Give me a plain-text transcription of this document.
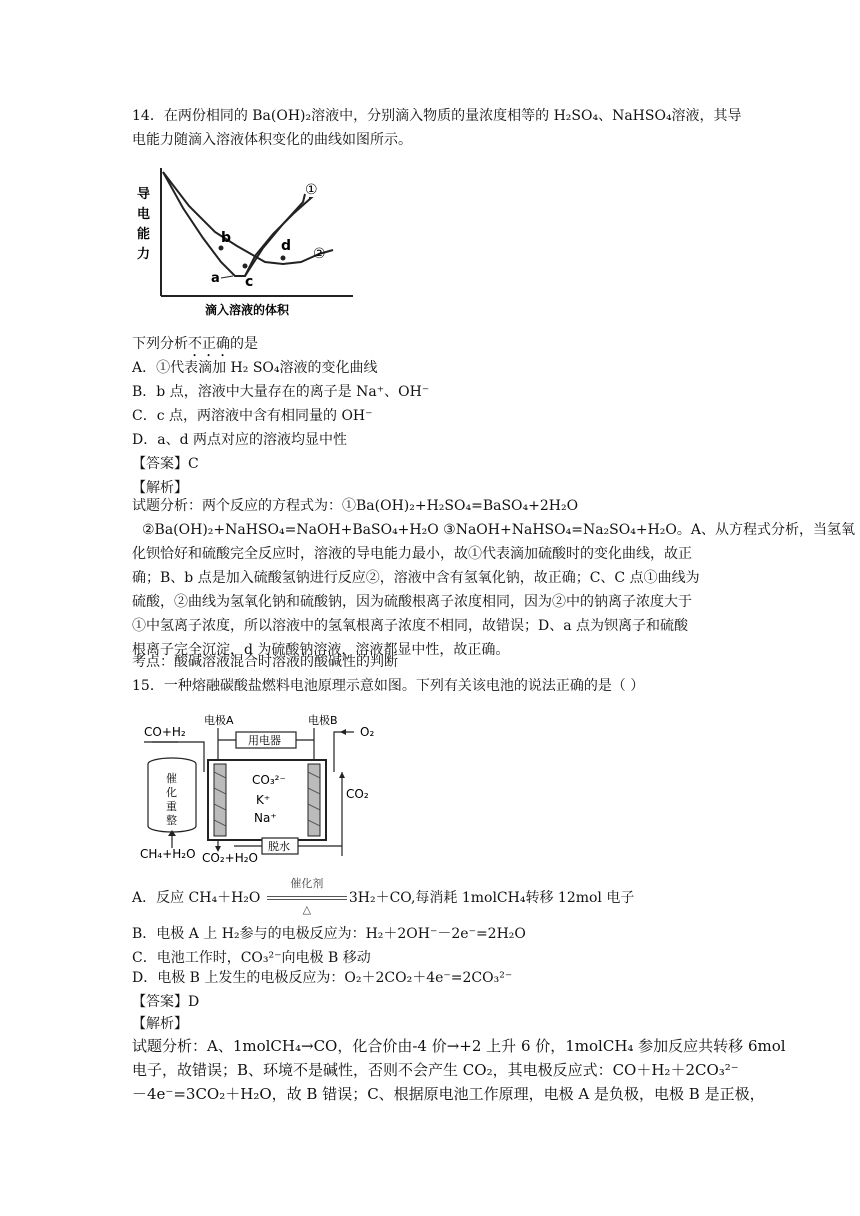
14．在两份相同的 Ba(OH)₂溶液中，分别滴入物质的量浓度相等的 H₂SO₄、NaHSO₄溶液，其导
电能力随滴入溶液体积变化的曲线如图所示。
导
电
能
力
a
b
c
d
①
②
滴入溶液的体积
下列分析不正确的是
A．①代表滴加 H₂ SO₄溶液的变化曲线
B．b 点，溶液中大量存在的离子是 Na⁺、OH⁻
C．c 点，两溶液中含有相同量的 OH⁻
D．a、d 两点对应的溶液均显中性
【答案】C
【解析】
试题分析：两个反应的方程式为：①Ba(OH)₂+H₂SO₄=BaSO₄+2H₂O
②Ba(OH)₂+NaHSO₄=NaOH+BaSO₄+H₂O ③NaOH+NaHSO₄=Na₂SO₄+H₂O。A、从方程式分析，当氢氧
化钡恰好和硫酸完全反应时，溶液的导电能力最小，故①代表滴加硫酸时的变化曲线，故正
确；B、b 点是加入硫酸氢钠进行反应②，溶液中含有氢氧化钠，故正确；C、C 点①曲线为
硫酸，②曲线为氢氧化钠和硫酸钠，因为硫酸根离子浓度相同，因为②中的钠离子浓度大于
①中氢离子浓度，所以溶液中的氢氧根离子浓度不相同，故错误；D、a 点为钡离子和硫酸
根离子完全沉淀，d 为硫酸钠溶液，溶液都显中性，故正确。
考点：酸碱溶液混合时溶液的酸碱性的判断
15．一种熔融碳酸盐燃料电池原理示意如图。下列有关该电池的说法正确的是（ ）
电极A	电极B
用电器
CO+H₂
催
化
重
整
CH₄+H₂O
CO₃²⁻
K⁺
Na⁺
O₂
CO₂
CO₂+H₂O
脱水
A．反应 CH₄＋H₂O
催化剂
△
3H₂＋CO,每消耗 1molCH₄转移 12mol 电子
B．电极 A 上 H₂参与的电极反应为：H₂＋2OH⁻－2e⁻=2H₂O
C．电池工作时，CO₃²⁻向电极 B 移动
D．电极 B 上发生的电极反应为：O₂＋2CO₂＋4e⁻=2CO₃²⁻
【答案】D
【解析】
试题分析：A、1molCH₄→CO，化合价由-4 价→+2 上升 6 价，1molCH₄ 参加反应共转移 6mol
电子，故错误；B、环境不是碱性，否则不会产生 CO₂，其电极反应式：CO＋H₂＋2CO₃²⁻
－4e⁻=3CO₂＋H₂O，故 B 错误；C、根据原电池工作原理，电极 A 是负极，电极 B 是正极，
